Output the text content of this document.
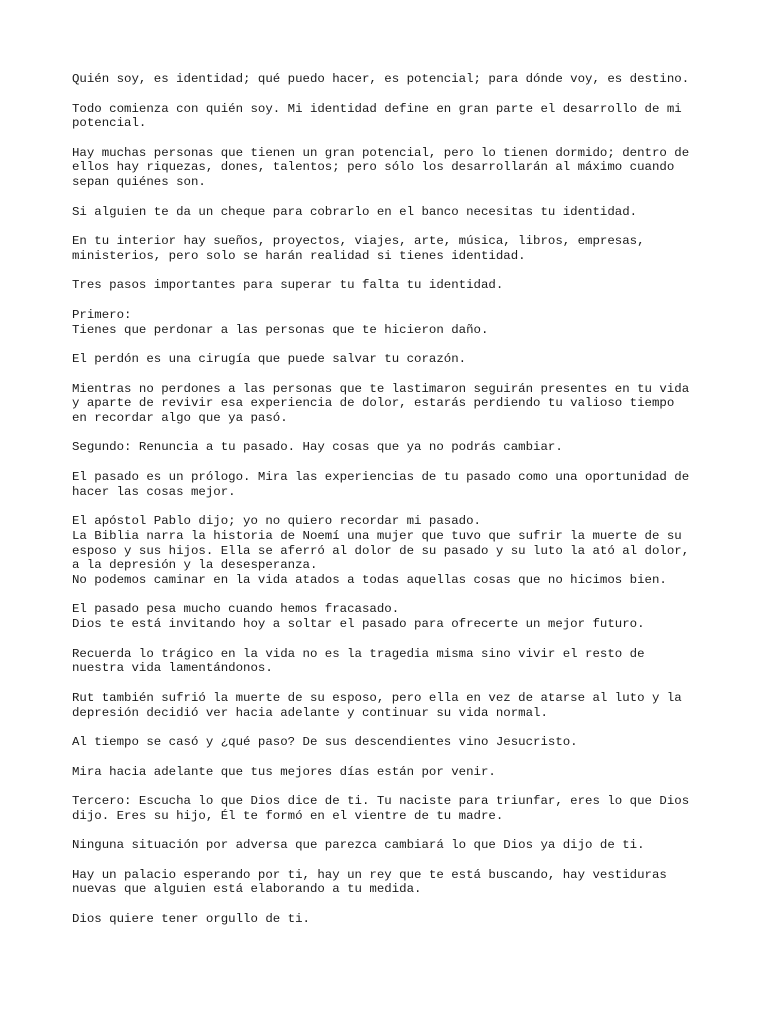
Quién soy, es identidad; qué puedo hacer, es potencial; para dónde voy, es destino.

Todo comienza con quién soy. Mi identidad define en gran parte el desarrollo de mi
potencial.

Hay muchas personas que tienen un gran potencial, pero lo tienen dormido; dentro de
ellos hay riquezas, dones, talentos; pero sólo los desarrollarán al máximo cuando
sepan quiénes son.

Si alguien te da un cheque para cobrarlo en el banco necesitas tu identidad.

En tu interior hay sueños, proyectos, viajes, arte, música, libros, empresas,
ministerios, pero solo se harán realidad si tienes identidad.

Tres pasos importantes para superar tu falta tu identidad.

Primero:
Tienes que perdonar a las personas que te hicieron daño.

El perdón es una cirugía que puede salvar tu corazón.

Mientras no perdones a las personas que te lastimaron seguirán presentes en tu vida
y aparte de revivir esa experiencia de dolor, estarás perdiendo tu valioso tiempo
en recordar algo que ya pasó.

Segundo: Renuncia a tu pasado. Hay cosas que ya no podrás cambiar.

El pasado es un prólogo. Mira las experiencias de tu pasado como una oportunidad de
hacer las cosas mejor.

El apóstol Pablo dijo; yo no quiero recordar mi pasado.
La Biblia narra la historia de Noemí una mujer que tuvo que sufrir la muerte de su
esposo y sus hijos. Ella se aferró al dolor de su pasado y su luto la ató al dolor,
a la depresión y la desesperanza.
No podemos caminar en la vida atados a todas aquellas cosas que no hicimos bien.

El pasado pesa mucho cuando hemos fracasado.
Dios te está invitando hoy a soltar el pasado para ofrecerte un mejor futuro.

Recuerda lo trágico en la vida no es la tragedia misma sino vivir el resto de
nuestra vida lamentándonos.

Rut también sufrió la muerte de su esposo, pero ella en vez de atarse al luto y la
depresión decidió ver hacia adelante y continuar su vida normal.

Al tiempo se casó y ¿qué paso? De sus descendientes vino Jesucristo.

Mira hacia adelante que tus mejores días están por venir.

Tercero: Escucha lo que Dios dice de ti. Tu naciste para triunfar, eres lo que Dios
dijo. Eres su hijo, Él te formó en el vientre de tu madre.

Ninguna situación por adversa que parezca cambiará lo que Dios ya dijo de ti.

Hay un palacio esperando por ti, hay un rey que te está buscando, hay vestiduras
nuevas que alguien está elaborando a tu medida.

Dios quiere tener orgullo de ti.
